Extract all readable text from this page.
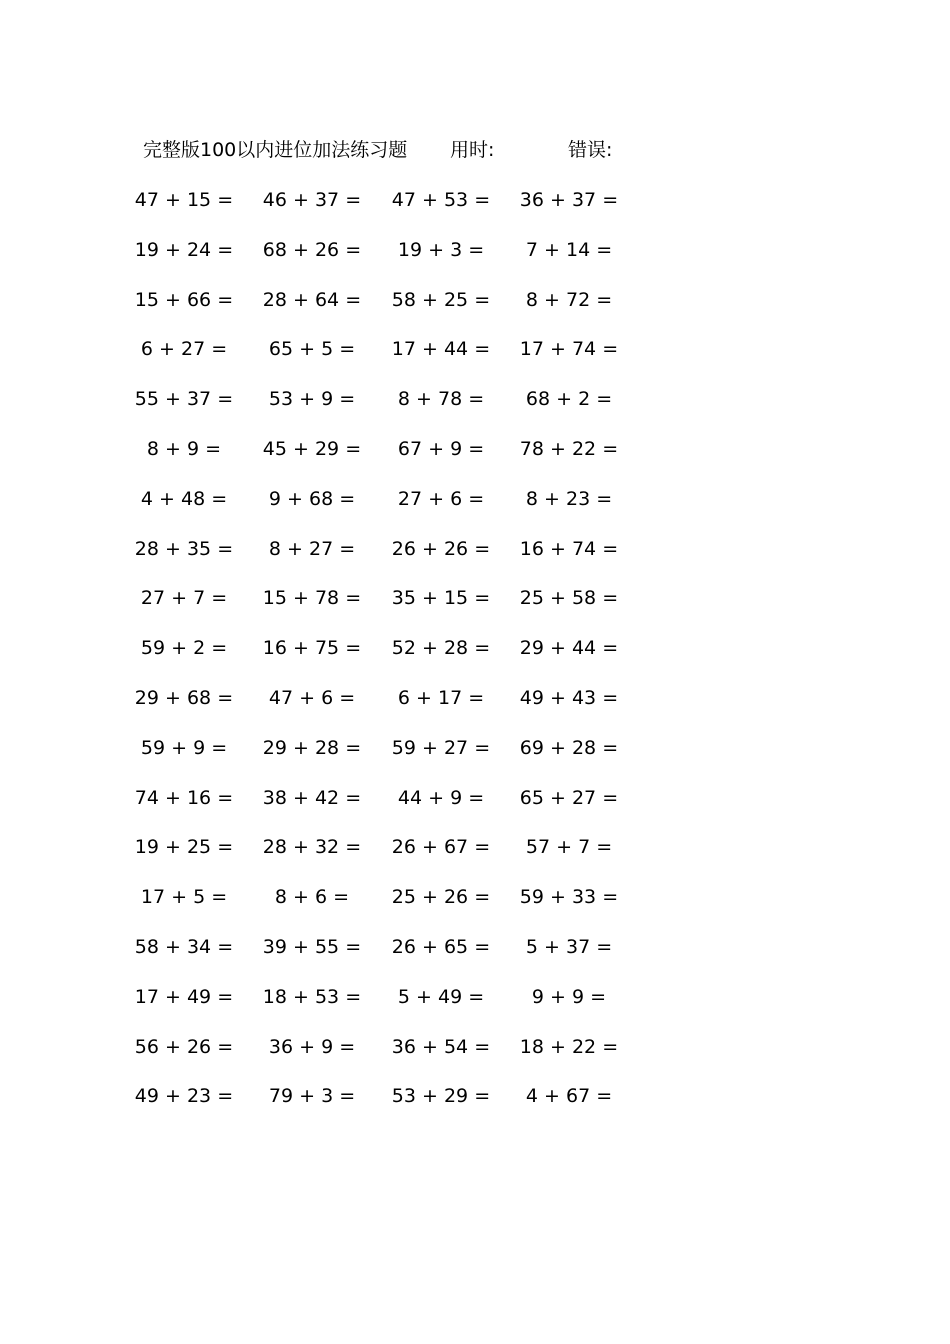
完整版100以内进位加法练习题 用时:	错误:
47 + 15 = 46 + 37 = 47 + 53 = 36 + 37 =
19 + 24 = 68 + 26 = 19 + 3 = 7 + 14 =
15 + 66 = 28 + 64 = 58 + 25 = 8 + 72 =
6 + 27 = 65 + 5 = 17 + 44 = 17 + 74 =
55 + 37 = 53 + 9 = 8 + 78 = 68 + 2 =
8 + 9 = 45 + 29 = 67 + 9 = 78 + 22 =
4 + 48 = 9 + 68 = 27 + 6 = 8 + 23 =
28 + 35 = 8 + 27 = 26 + 26 = 16 + 74 =
27 + 7 = 15 + 78 = 35 + 15 = 25 + 58 =
59 + 2 = 16 + 75 = 52 + 28 = 29 + 44 =
29 + 68 = 47 + 6 = 6 + 17 = 49 + 43 =
59 + 9 = 29 + 28 = 59 + 27 = 69 + 28 =
74 + 16 = 38 + 42 = 44 + 9 = 65 + 27 =
19 + 25 = 28 + 32 = 26 + 67 = 57 + 7 =
17 + 5 =	8 + 6 = 25 + 26 = 59 + 33 =
58 + 34 = 39 + 55 = 26 + 65 = 5 + 37 =
17 + 49 = 18 + 53 = 5 + 49 =	9 + 9 =
56 + 26 = 36 + 9 = 36 + 54 = 18 + 22 =
49 + 23 = 79 + 3 = 53 + 29 = 4 + 67 =
